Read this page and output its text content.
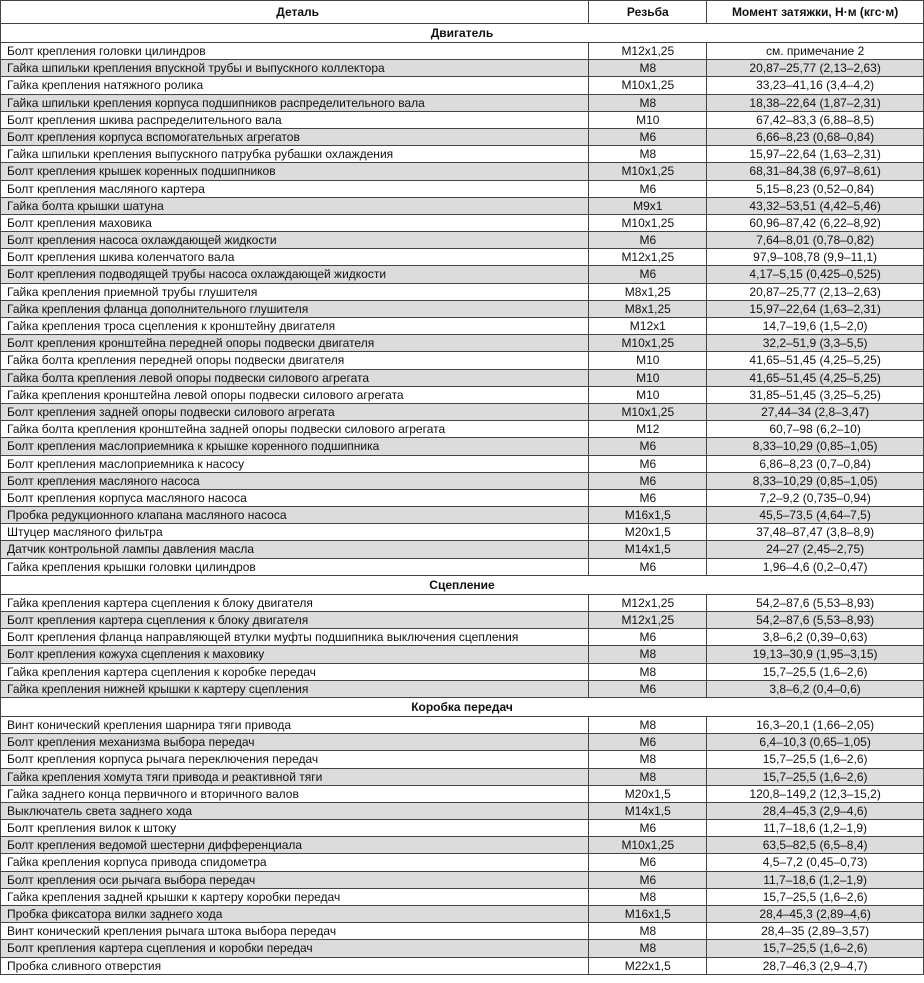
Деталь	Резьба	Момент затяжки, Н·м (кгс·м)
Двигатель
Болт крепления головки цилиндров	М12х1,25	см. примечание 2
Гайка шпильки крепления впускной трубы и выпускного коллектора	М8	20,87–25,77 (2,13–2,63)
Гайка крепления натяжного ролика	М10х1,25	33,23–41,16 (3,4–4,2)
Гайка шпильки крепления корпуса подшипников распределительного вала	М8	18,38–22,64 (1,87–2,31)
Болт крепления шкива распределительного вала	М10	67,42–83,3 (6,88–8,5)
Болт крепления корпуса вспомогательных агрегатов	М6	6,66–8,23 (0,68–0,84)
Гайка шпильки крепления выпускного патрубка рубашки охлаждения	М8	15,97–22,64 (1,63–2,31)
Болт крепления крышек коренных подшипников	М10х1,25	68,31–84,38 (6,97–8,61)
Болт крепления масляного картера	М6	5,15–8,23 (0,52–0,84)
Гайка болта крышки шатуна	М9х1	43,32–53,51 (4,42–5,46)
Болт крепления маховика	М10х1,25	60,96–87,42 (6,22–8,92)
Болт крепления насоса охлаждающей жидкости	М6	7,64–8,01 (0,78–0,82)
Болт крепления шкива коленчатого вала	М12х1,25	97,9–108,78 (9,9–11,1)
Болт крепления подводящей трубы насоса охлаждающей жидкости	М6	4,17–5,15 (0,425–0,525)
Гайка крепления приемной трубы глушителя	М8х1,25	20,87–25,77 (2,13–2,63)
Гайка крепления фланца дополнительного глушителя	М8х1,25	15,97–22,64 (1,63–2,31)
Гайка крепления троса сцепления к кронштейну двигателя	М12х1	14,7–19,6 (1,5–2,0)
Болт крепления кронштейна передней опоры подвески двигателя	М10х1,25	32,2–51,9 (3,3–5,5)
Гайка болта крепления передней опоры подвески двигателя	М10	41,65–51,45 (4,25–5,25)
Гайка болта крепления левой опоры подвески силового агрегата	М10	41,65–51,45 (4,25–5,25)
Гайка крепления кронштейна левой опоры подвески силового агрегата	М10	31,85–51,45 (3,25–5,25)
Болт крепления задней опоры подвески силового агрегата	М10х1,25	27,44–34 (2,8–3,47)
Гайка болта крепления кронштейна задней опоры подвески силового агрегата	М12	60,7–98 (6,2–10)
Болт крепления маслоприемника к крышке коренного подшипника	М6	8,33–10,29 (0,85–1,05)
Болт крепления маслоприемника к насосу	М6	6,86–8,23 (0,7–0,84)
Болт крепления масляного насоса	М6	8,33–10,29 (0,85–1,05)
Болт крепления корпуса масляного насоса	М6	7,2–9,2 (0,735–0,94)
Пробка редукционного клапана масляного насоса	М16х1,5	45,5–73,5 (4,64–7,5)
Штуцер масляного фильтра	М20х1,5	37,48–87,47 (3,8–8,9)
Датчик контрольной лампы давления масла	М14х1,5	24–27 (2,45–2,75)
Гайка крепления крышки головки цилиндров	М6	1,96–4,6 (0,2–0,47)
Сцепление
Гайка крепления картера сцепления к блоку двигателя	М12х1,25	54,2–87,6 (5,53–8,93)
Болт крепления картера сцепления к блоку двигателя	М12х1,25	54,2–87,6 (5,53–8,93)
Болт крепления фланца направляющей втулки муфты подшипника выключения сцепления	М6	3,8–6,2 (0,39–0,63)
Болт крепления кожуха сцепления к маховику	М8	19,13–30,9 (1,95–3,15)
Гайка крепления картера сцепления к коробке передач	М8	15,7–25,5 (1,6–2,6)
Гайка крепления нижней крышки к картеру сцепления	М6	3,8–6,2 (0,4–0,6)
Коробка передач
Винт конический крепления шарнира тяги привода	М8	16,3–20,1 (1,66–2,05)
Болт крепления механизма выбора передач	М6	6,4–10,3 (0,65–1,05)
Болт крепления корпуса рычага переключения передач	М8	15,7–25,5 (1,6–2,6)
Гайка крепления хомута тяги привода и реактивной тяги	М8	15,7–25,5 (1,6–2,6)
Гайка заднего конца первичного и вторичного валов	М20х1,5	120,8–149,2 (12,3–15,2)
Выключатель света заднего хода	М14х1,5	28,4–45,3 (2,9–4,6)
Болт крепления вилок к штоку	М6	11,7–18,6 (1,2–1,9)
Болт крепления ведомой шестерни дифференциала	М10х1,25	63,5–82,5 (6,5–8,4)
Гайка крепления корпуса привода спидометра	М6	4,5–7,2 (0,45–0,73)
Болт крепления оси рычага выбора передач	М6	11,7–18,6 (1,2–1,9)
Гайка крепления задней крышки к картеру коробки передач	М8	15,7–25,5 (1,6–2,6)
Пробка фиксатора вилки заднего хода	М16х1,5	28,4–45,3 (2,89–4,6)
Винт конический крепления рычага штока выбора передач	М8	28,4–35 (2,89–3,57)
Болт крепления картера сцепления и коробки передач	М8	15,7–25,5 (1,6–2,6)
Пробка сливного отверстия	М22х1,5	28,7–46,3 (2,9–4,7)
